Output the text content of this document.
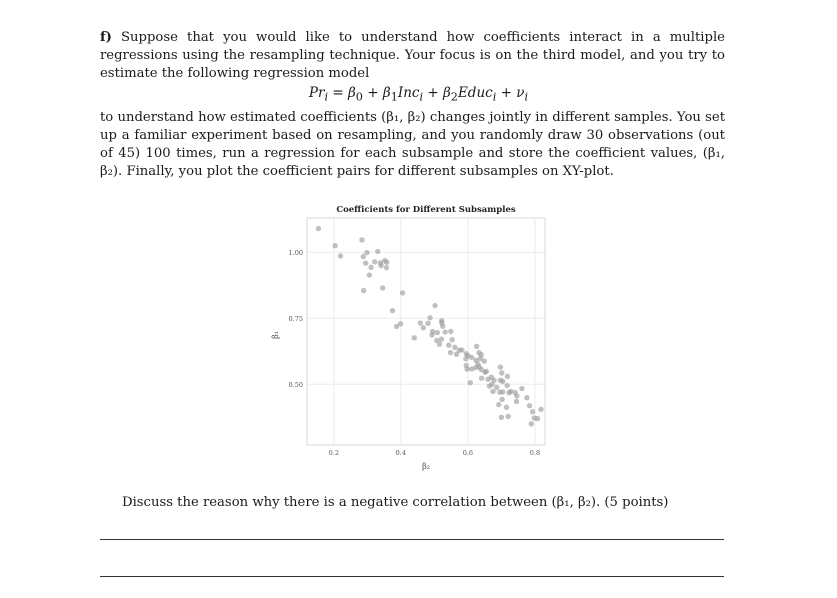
f) Suppose that you would like to understand how coefficients interact in a multiple regressions using the resampling technique. Your focus is on the third model, and you try to estimate the following regression model

$Pr_i = \beta_0 + \beta_1Inc_i$ + $\beta_2Educ_i + \nu_i$

to understand how estimated coefficients (β₁, β₂) changes jointly in different samples. You set up a familiar experiment based on resampling, and you randomly draw 30 observations (out of 45) 100 times, run a regression for each subsample and store the coefficient values, (β₁, β₂). Finally, you plot the coefficient pairs for different subsamples on XY-plot.

Coefficients for Different Subsamples
0.2	0.4	0.6	0.8
0.50
0.75
1.00
β₂
β₁
Discuss the reason why there is a negative correlation between (β₁, β₂). (5 points)
